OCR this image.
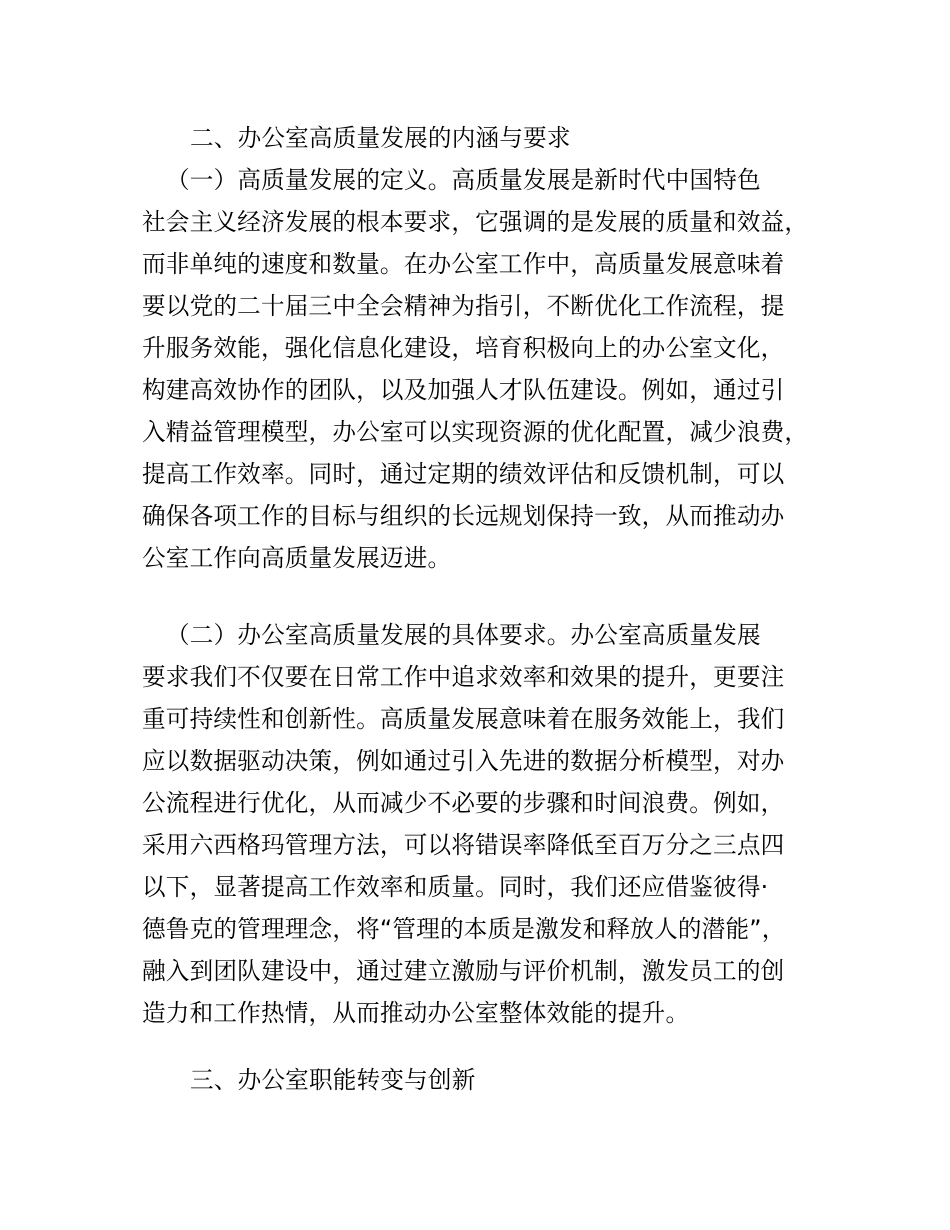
二、办公室高质量发展的内涵与要求
（一）高质量发展的定义。高质量发展是新时代中国特色
社会主义经济发展的根本要求，它强调的是发展的质量和效益，
而非单纯的速度和数量。在办公室工作中，高质量发展意味着
要以党的二十届三中全会精神为指引，不断优化工作流程，提
升服务效能，强化信息化建设，培育积极向上的办公室文化，
构建高效协作的团队，以及加强人才队伍建设。例如，通过引
入精益管理模型，办公室可以实现资源的优化配置，减少浪费，
提高工作效率。同时，通过定期的绩效评估和反馈机制，可以
确保各项工作的目标与组织的长远规划保持一致，从而推动办
公室工作向高质量发展迈进。
（二）办公室高质量发展的具体要求。办公室高质量发展
要求我们不仅要在日常工作中追求效率和效果的提升，更要注
重可持续性和创新性。高质量发展意味着在服务效能上，我们
应以数据驱动决策，例如通过引入先进的数据分析模型，对办
公流程进行优化，从而减少不必要的步骤和时间浪费。例如，
采用六西格玛管理方法，可以将错误率降低至百万分之三点四
以下，显著提高工作效率和质量。同时，我们还应借鉴彼得·
德鲁克的管理理念，将“管理的本质是激发和释放人的潜能”，
融入到团队建设中，通过建立激励与评价机制，激发员工的创
造力和工作热情，从而推动办公室整体效能的提升。
三、办公室职能转变与创新
